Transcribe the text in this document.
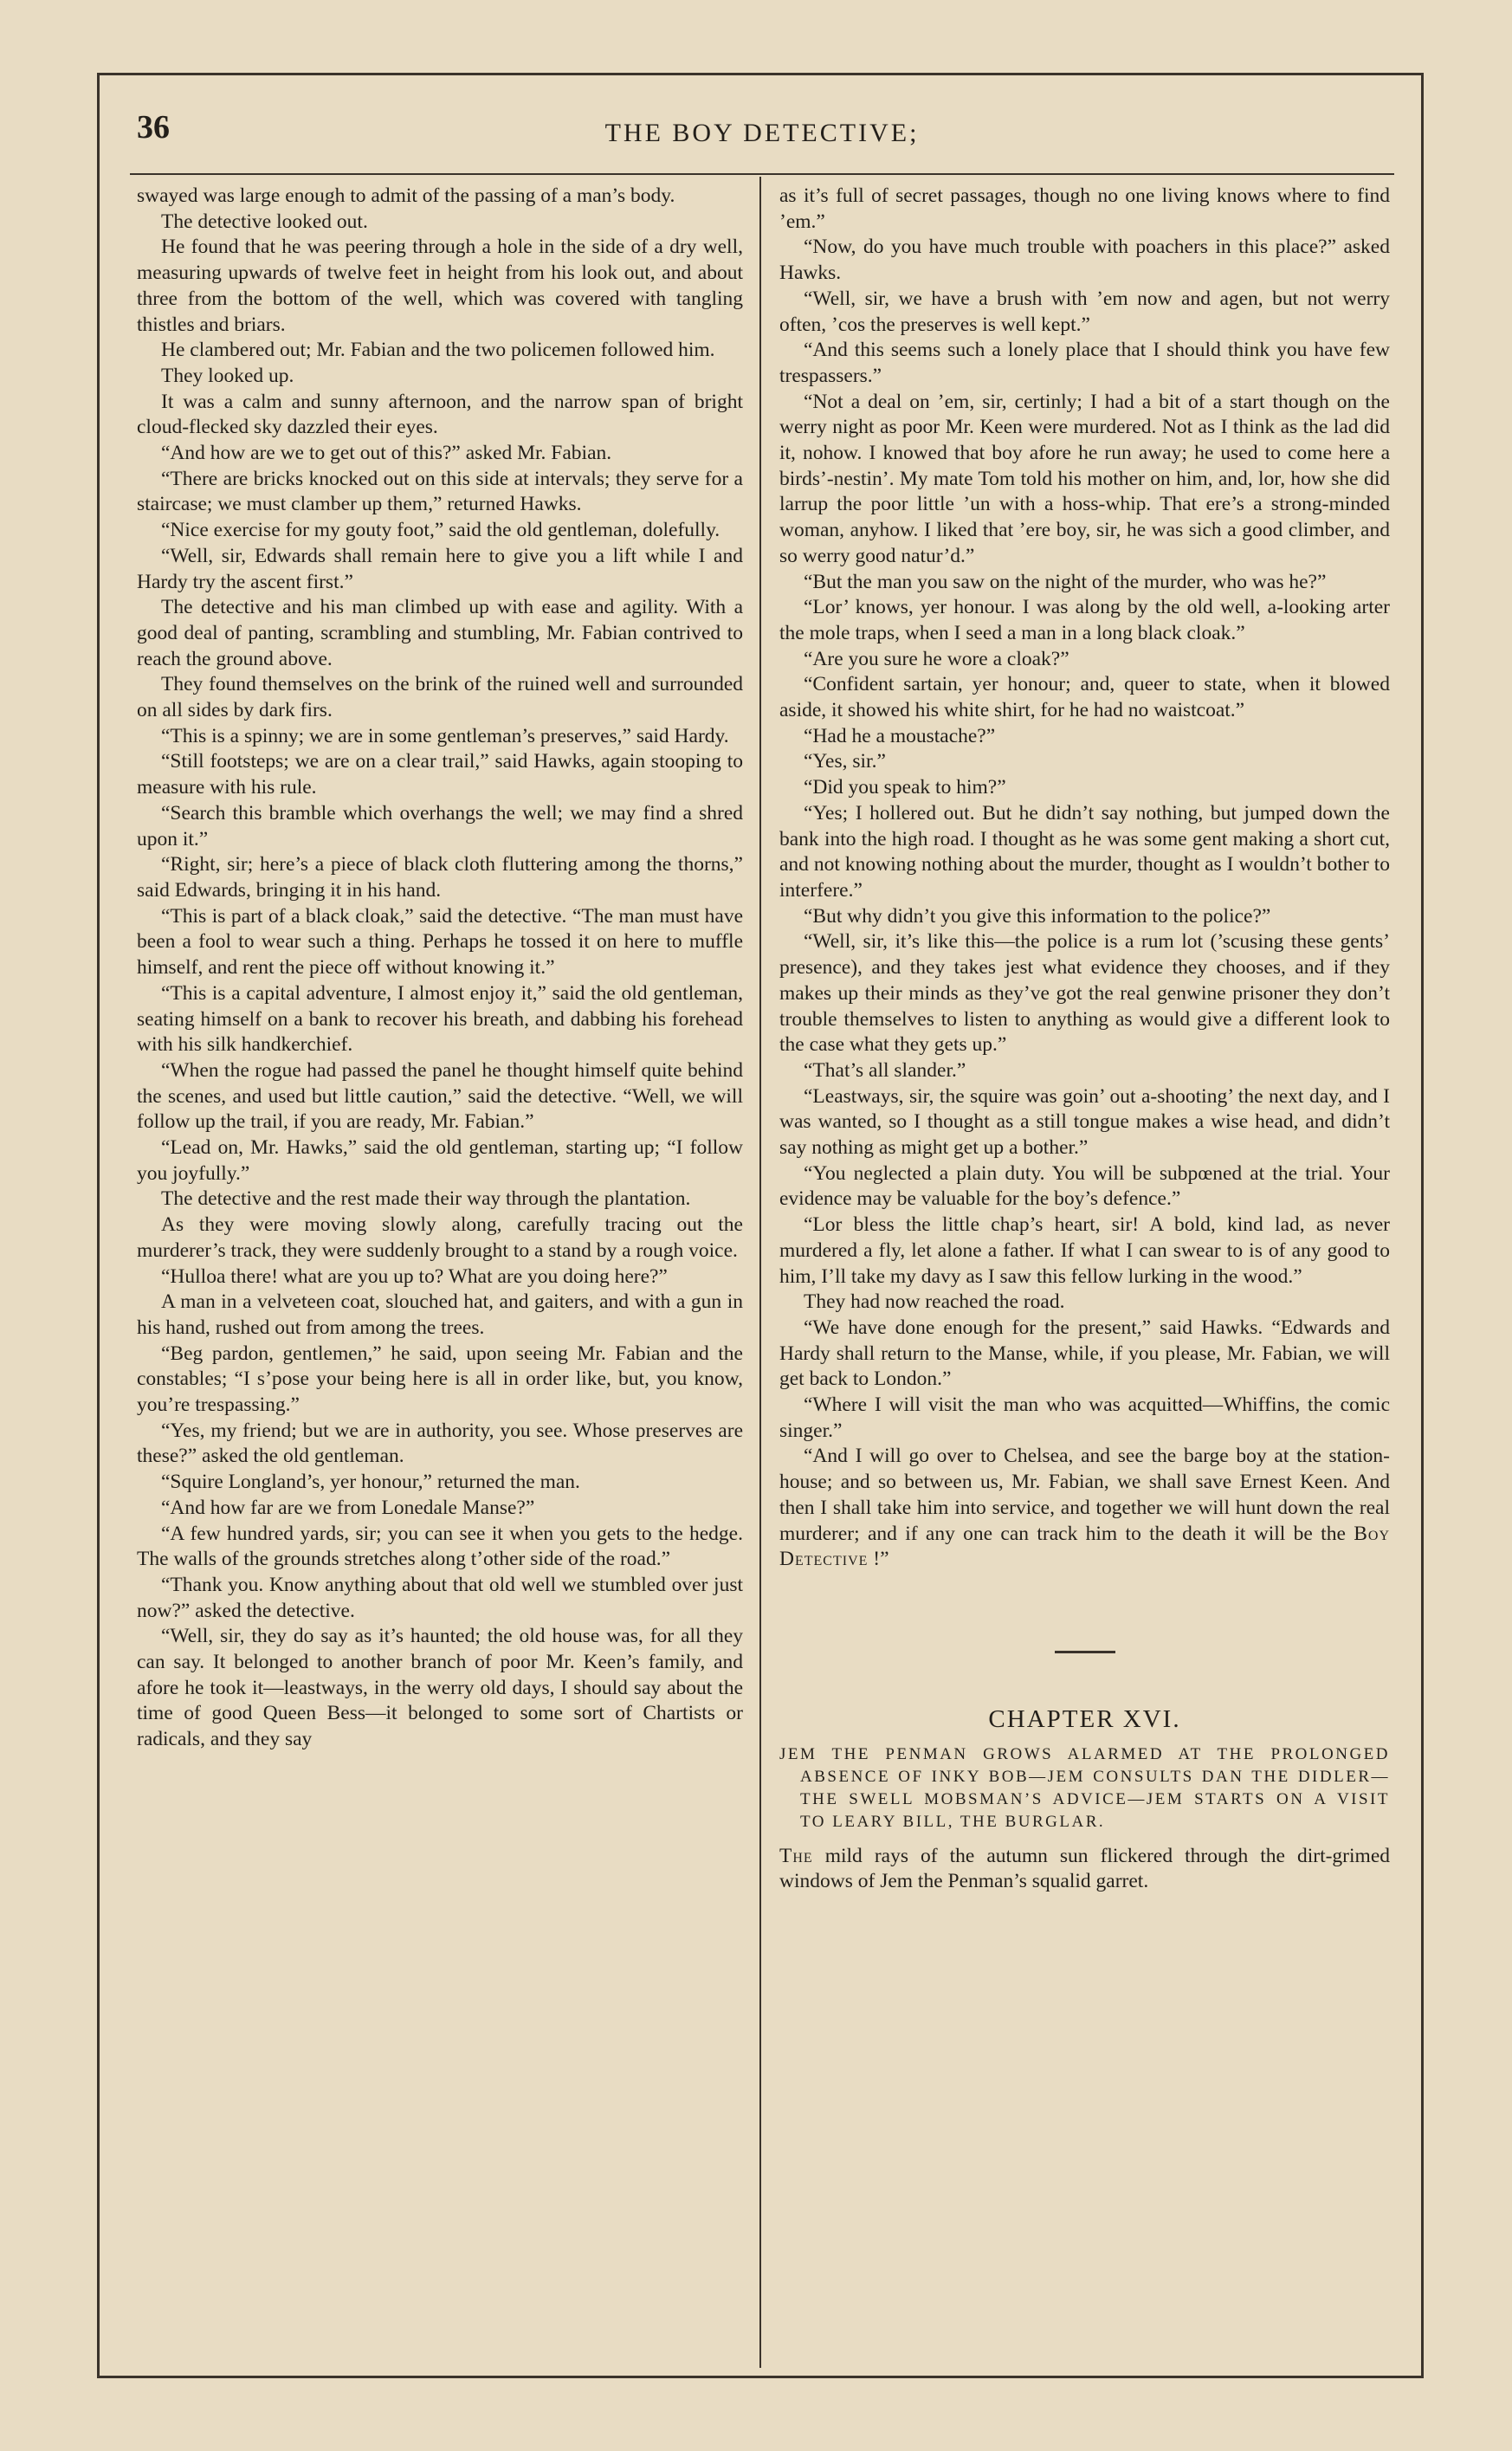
36	THE BOY DETECTIVE;

swayed was large enough to admit of the passing of a man’s body.

The detective looked out.

He found that he was peering through a hole in the side of a dry well, measuring upwards of twelve feet in height from his look out, and about three from the bottom of the well, which was covered with tangling thistles and briars.

He clambered out; Mr. Fabian and the two policemen followed him.

They looked up.

It was a calm and sunny afternoon, and the narrow span of bright cloud-flecked sky dazzled their eyes.

“And how are we to get out of this?” asked Mr. Fabian.

“There are bricks knocked out on this side at intervals; they serve for a staircase; we must clamber up them,” returned Hawks.

“Nice exercise for my gouty foot,” said the old gentleman, dolefully.

“Well, sir, Edwards shall remain here to give you a lift while I and Hardy try the ascent first.”

The detective and his man climbed up with ease and agility. With a good deal of panting, scrambling and stumbling, Mr. Fabian contrived to reach the ground above.

They found themselves on the brink of the ruined well and surrounded on all sides by dark firs.

“This is a spinny; we are in some gentleman’s preserves,” said Hardy.

“Still footsteps; we are on a clear trail,” said Hawks, again stooping to measure with his rule.

“Search this bramble which overhangs the well; we may find a shred upon it.”

“Right, sir; here’s a piece of black cloth fluttering among the thorns,” said Edwards, bringing it in his hand.

“This is part of a black cloak,” said the detective. “The man must have been a fool to wear such a thing. Perhaps he tossed it on here to muffle himself, and rent the piece off without knowing it.”

“This is a capital adventure, I almost enjoy it,” said the old gentleman, seating himself on a bank to recover his breath, and dabbing his forehead with his silk handkerchief.

“When the rogue had passed the panel he thought himself quite behind the scenes, and used but little caution,” said the detective. “Well, we will follow up the trail, if you are ready, Mr. Fabian.”

“Lead on, Mr. Hawks,” said the old gentleman, starting up; “I follow you joyfully.”

The detective and the rest made their way through the plantation.

As they were moving slowly along, carefully tracing out the murderer’s track, they were suddenly brought to a stand by a rough voice.

“Hulloa there! what are you up to? What are you doing here?”

A man in a velveteen coat, slouched hat, and gaiters, and with a gun in his hand, rushed out from among the trees.

“Beg pardon, gentlemen,” he said, upon seeing Mr. Fabian and the constables; “I s’pose your being here is all in order like, but, you know, you’re trespassing.”

“Yes, my friend; but we are in authority, you see. Whose preserves are these?” asked the old gentleman.

“Squire Longland’s, yer honour,” returned the man.

“And how far are we from Lonedale Manse?”

“A few hundred yards, sir; you can see it when you gets to the hedge. The walls of the grounds stretches along t’other side of the road.”

“Thank you. Know anything about that old well we stumbled over just now?” asked the detective.

“Well, sir, they do say as it’s haunted; the old house was, for all they can say. It belonged to another branch of poor Mr. Keen’s family, and afore he took it—leastways, in the werry old days, I should say about the time of good Queen Bess—it belonged to some sort of Chartists or radicals, and they say

as it’s full of secret passages, though no one living knows where to find ’em.”

“Now, do you have much trouble with poachers in this place?” asked Hawks.

“Well, sir, we have a brush with ’em now and agen, but not werry often, ’cos the preserves is well kept.”

“And this seems such a lonely place that I should think you have few trespassers.”

“Not a deal on ’em, sir, certinly; I had a bit of a start though on the werry night as poor Mr. Keen were murdered. Not as I think as the lad did it, nohow. I knowed that boy afore he run away; he used to come here a birds’-nestin’. My mate Tom told his mother on him, and, lor, how she did larrup the poor little ’un with a hoss-whip. That ere’s a strong-minded woman, anyhow. I liked that ’ere boy, sir, he was sich a good climber, and so werry good natur’d.”

“But the man you saw on the night of the murder, who was he?”

“Lor’ knows, yer honour. I was along by the old well, a-looking arter the mole traps, when I seed a man in a long black cloak.”

“Are you sure he wore a cloak?”

“Confident sartain, yer honour; and, queer to state, when it blowed aside, it showed his white shirt, for he had no waistcoat.”

“Had he a moustache?”

“Yes, sir.”

“Did you speak to him?”

“Yes; I hollered out. But he didn’t say nothing, but jumped down the bank into the high road. I thought as he was some gent making a short cut, and not knowing nothing about the murder, thought as I wouldn’t bother to interfere.”

“But why didn’t you give this information to the police?”

“Well, sir, it’s like this—the police is a rum lot (’scusing these gents’ presence), and they takes jest what evidence they chooses, and if they makes up their minds as they’ve got the real genwine prisoner they don’t trouble themselves to listen to anything as would give a different look to the case what they gets up.”

“That’s all slander.”

“Leastways, sir, the squire was goin’ out a-shooting’ the next day, and I was wanted, so I thought as a still tongue makes a wise head, and didn’t say nothing as might get up a bother.”

“You neglected a plain duty. You will be subpœned at the trial. Your evidence may be valuable for the boy’s defence.”

“Lor bless the little chap’s heart, sir! A bold, kind lad, as never murdered a fly, let alone a father. If what I can swear to is of any good to him, I’ll take my davy as I saw this fellow lurking in the wood.”

They had now reached the road.

“We have done enough for the present,” said Hawks. “Edwards and Hardy shall return to the Manse, while, if you please, Mr. Fabian, we will get back to London.”

“Where I will visit the man who was acquitted—Whiffins, the comic singer.”

“And I will go over to Chelsea, and see the barge boy at the station-house; and so between us, Mr. Fabian, we shall save Ernest Keen. And then I shall take him into service, and together we will hunt down the real murderer; and if any one can track him to the death it will be the Boy Detective !”

CHAPTER XVI.
JEM THE PENMAN GROWS ALARMED AT THE PROLONGED ABSENCE OF INKY BOB—JEM CONSULTS DAN THE DIDLER—THE SWELL MOBSMAN’S ADVICE—JEM STARTS ON A VISIT TO LEARY BILL, THE BURGLAR.

The mild rays of the autumn sun flickered through the dirt-grimed windows of Jem the Penman’s squalid garret.
